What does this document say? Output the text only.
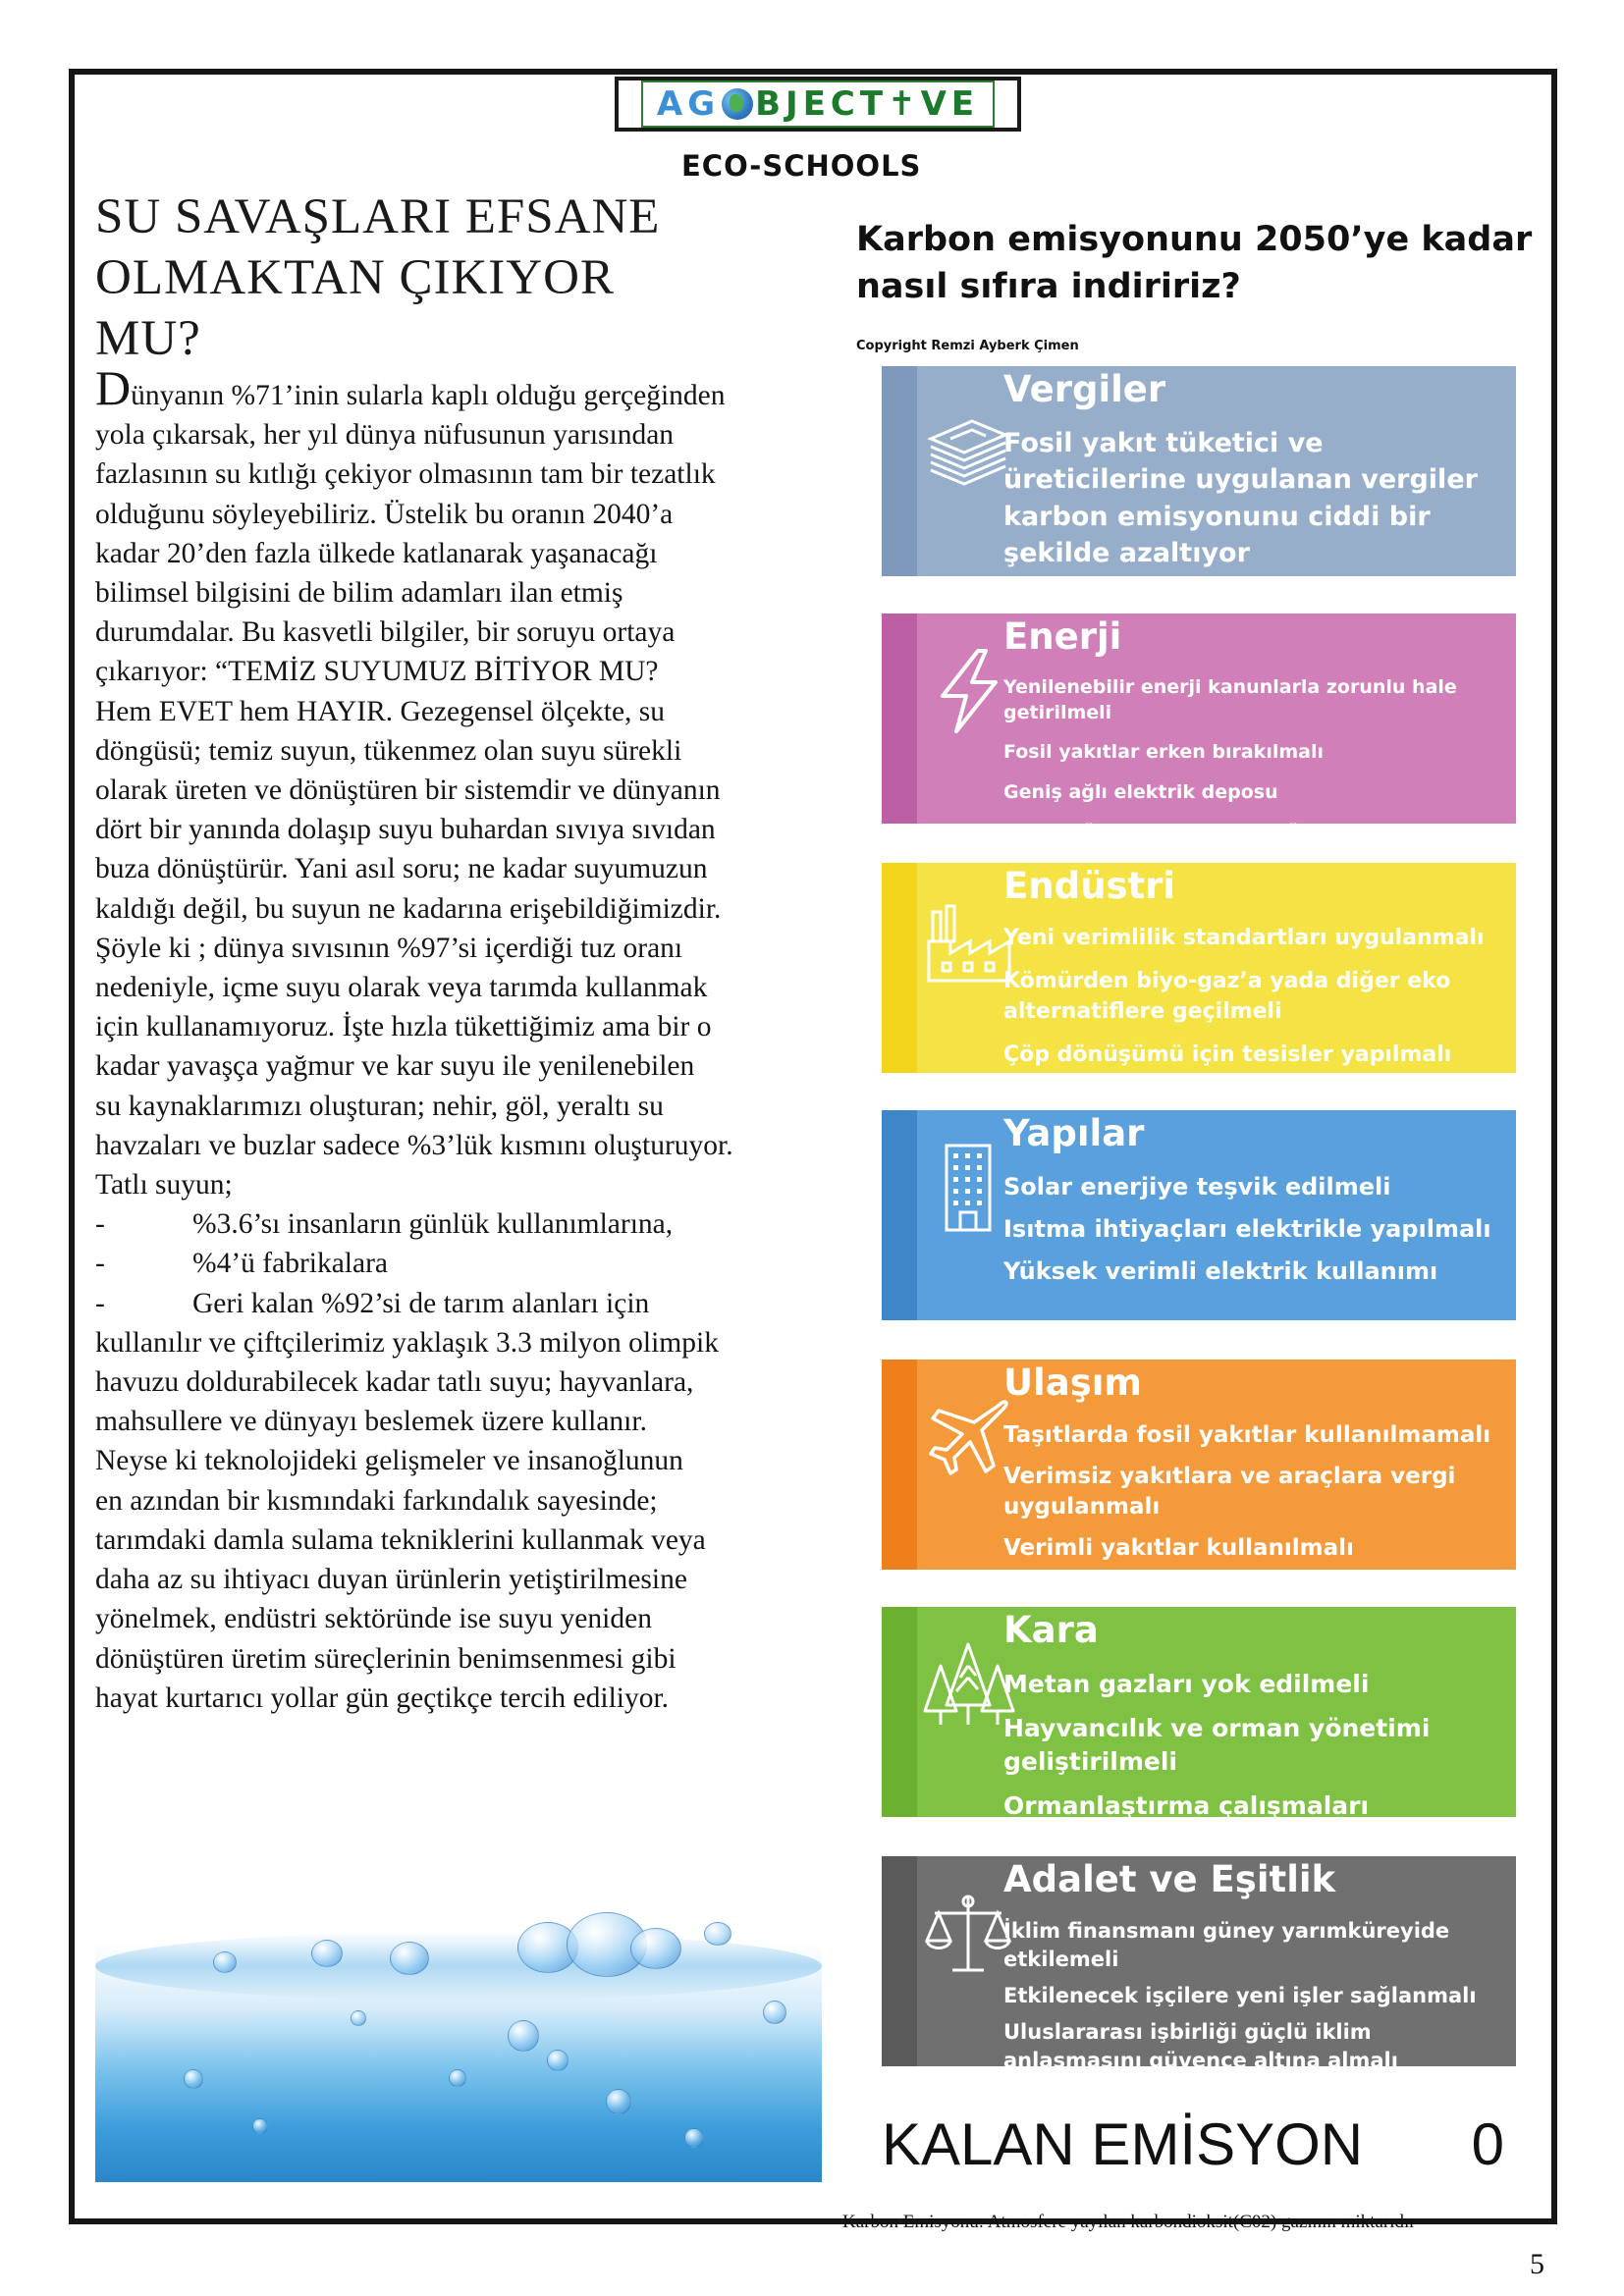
AG BJECT ✝ VE
ECO-SCHOOLS
SU SAVAŞLARI EFSANE
OLMAKTAN ÇIKIYOR MU?

Dünyanın %71’inin sularla kaplı olduğu gerçeğinden

yola çıkarsak, her yıl dünya nüfusunun yarısından

fazlasının su kıtlığı çekiyor olmasının tam bir tezatlık

olduğunu söyleyebiliriz. Üstelik bu oranın 2040’a

kadar 20’den fazla ülkede katlanarak yaşanacağı

bilimsel bilgisini de bilim adamları ilan etmiş

durumdalar. Bu kasvetli bilgiler, bir soruyu ortaya

çıkarıyor: “TEMİZ SUYUMUZ BİTİYOR MU?

Hem EVET hem HAYIR. Gezegensel ölçekte, su

döngüsü; temiz suyun, tükenmez olan suyu sürekli

olarak üreten ve dönüştüren bir sistemdir ve dünyanın

dört bir yanında dolaşıp suyu buhardan sıvıya sıvıdan

buza dönüştürür. Yani asıl soru; ne kadar suyumuzun

kaldığı değil, bu suyun ne kadarına erişebildiğimizdir.

Şöyle ki ; dünya sıvısının %97’si içerdiği tuz oranı

nedeniyle, içme suyu olarak veya tarımda kullanmak

için kullanamıyoruz. İşte hızla tükettiğimiz ama bir o

kadar yavaşça yağmur ve kar suyu ile yenilenebilen

su kaynaklarımızı oluşturan; nehir, göl, yeraltı su

havzaları ve buzlar sadece %3’lük kısmını oluşturuyor.

Tatlı suyun;

-	%3.6’sı insanların günlük kullanımlarına,
-	%4’ü fabrikalara
-	Geri kalan %92’si de tarım alanları için

kullanılır ve çiftçilerimiz yaklaşık 3.3 milyon olimpik

havuzu doldurabilecek kadar tatlı suyu; hayvanlara,

mahsullere ve dünyayı beslemek üzere kullanır.

Neyse ki teknolojideki gelişmeler ve insanoğlunun

en azından bir kısmındaki farkındalık sayesinde;

tarımdaki damla sulama tekniklerini kullanmak veya

daha az su ihtiyacı duyan ürünlerin yetiştirilmesine

yönelmek, endüstri sektöründe ise suyu yeniden

dönüştüren üretim süreçlerinin benimsenmesi gibi

hayat kurtarıcı yollar gün geçtikçe tercih ediliyor.

Karbon emisyonunu 2050’ye kadar
nasıl sıfıra indiririz?
Copyright Remzi Ayberk Çimen
Vergiler
Fosil yakıt tüketici ve üreticilerine uygulanan vergiler karbon emisyonunu ciddi bir şekilde azaltıyor
Enerji
Yenilenebilir enerji kanunlarla zorunlu hale getirilmeli
Fosil yakıtlar erken bırakılmalı
Geniş ağlı elektrik deposu
Zengin ülkelerde bireysel tüketim azaltılmalı
Endüstri
Yeni verimlilik standartları uygulanmalı
Kömürden biyo-gaz’a yada diğer eko alternatiflere geçilmeli
Çöp dönüşümü için tesisler yapılmalı
Yapılar
Solar enerjiye teşvik edilmeli
Isıtma ihtiyaçları elektrikle yapılmalı
Yüksek verimli elektrik kullanımı
Ulaşım
Taşıtlarda fosil yakıtlar kullanılmamalı
Verimsiz yakıtlara ve araçlara vergi uygulanmalı
Verimli yakıtlar kullanılmalı
Kara
Metan gazları yok edilmeli
Hayvancılık ve orman yönetimi geliştirilmeli
Ormanlaştırma çalışmaları
Adalet ve Eşitlik
İklim finansmanı güney yarımküreyide etkilemeli
Etkilenecek işçilere yeni işler sağlanmalı
Uluslararası işbirliği güçlü iklim anlaşmasını güvence altına almalı
KALAN EMİSYON 0
Karbon Emisyonu: Atmosfere yayılan karbondioksit(C02) gazının miktarıdır
5
